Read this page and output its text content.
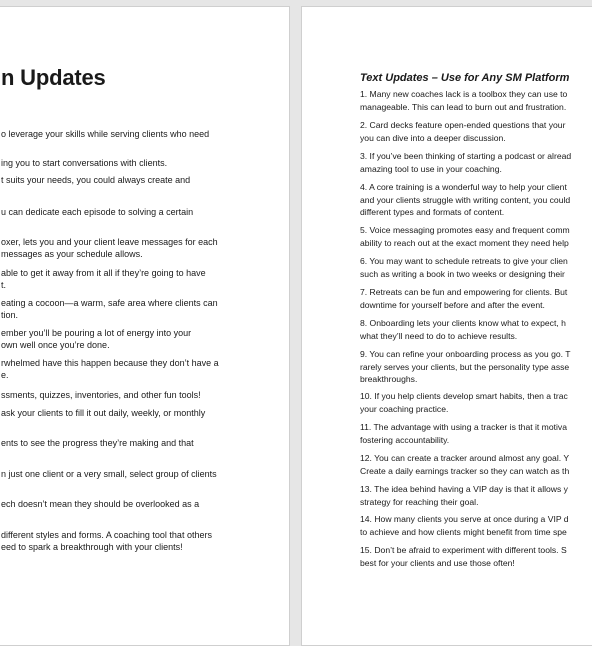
n Updates

o leverage your skills while serving clients who need

ing you to start conversations with clients.

t suits your needs, you could always create and

u can dedicate each episode to solving a certain

oxer, lets you and your client leave messages for each

messages as your schedule allows.

able to get it away from it all if they’re going to have

t.

eating a cocoon—a warm, safe area where clients can

tion.

ember you’ll be pouring a lot of energy into your

own well once you’re done.

rwhelmed have this happen because they don’t have a

e.

ssments, quizzes, inventories, and other fun tools!

ask your clients to fill it out daily, weekly, or monthly

ents to see the progress they’re making and that

n just one client or a very small, select group of clients

ech doesn’t mean they should be overlooked as a

different styles and forms. A coaching tool that others

eed to spark a breakthrough with your clients!

Text Updates – Use for Any SM Platform

1. Many new coaches lack is a toolbox they can use to
manageable. This can lead to burn out and frustration.

2. Card decks feature open-ended questions that your
you can dive into a deeper discussion.

3. If you’ve been thinking of starting a podcast or alread
amazing tool to use in your coaching.

4. A core training is a wonderful way to help your client
and your clients struggle with writing content, you could
different types and formats of content.

5. Voice messaging promotes easy and frequent comm
ability to reach out at the exact moment they need help

6. You may want to schedule retreats to give your clien
such as writing a book in two weeks or designing their

7. Retreats can be fun and empowering for clients. But
downtime for yourself before and after the event.

8. Onboarding lets your clients know what to expect, h
what they’ll need to do to achieve results.

9. You can refine your onboarding process as you go. T
rarely serves your clients, but the personality type asse
breakthroughs.

10. If you help clients develop smart habits, then a trac
your coaching practice.

11. The advantage with using a tracker is that it motiva
fostering accountability.

12. You can create a tracker around almost any goal. Y
Create a daily earnings tracker so they can watch as th

13. The idea behind having a VIP day is that it allows y
strategy for reaching their goal.

14. How many clients you serve at once during a VIP d
to achieve and how clients might benefit from time spe

15. Don’t be afraid to experiment with different tools. S
best for your clients and use those often!
